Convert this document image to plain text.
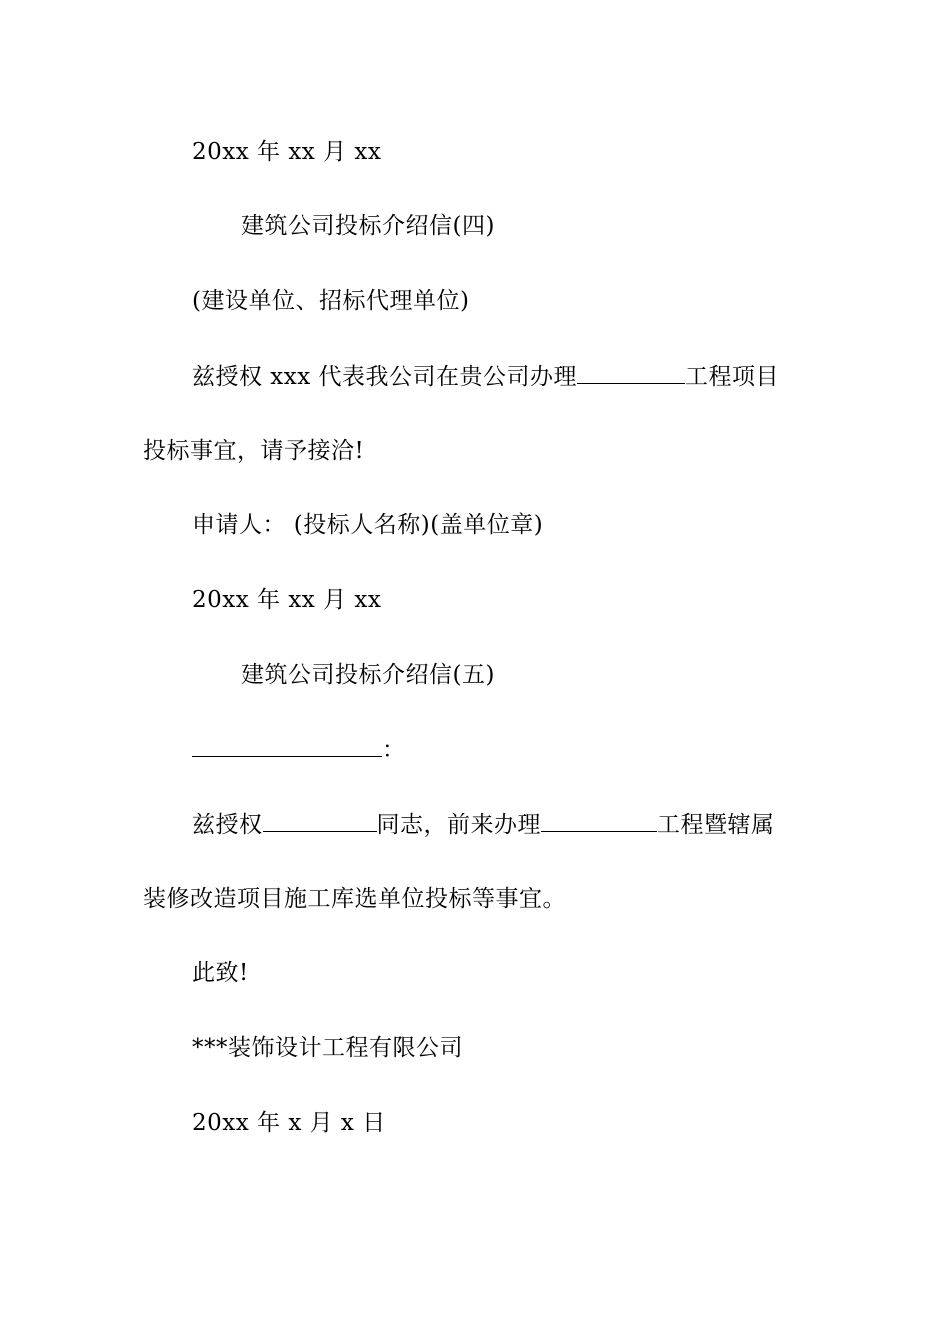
20xx 年 xx 月 xx
建筑公司投标介绍信(四)
(建设单位、招标代理单位)
兹授权 xxx 代表我公司在贵公司办理	工程项目
投标事宜，请予接洽!
申请人： (投标人名称)(盖单位章)
20xx 年 xx 月 xx
建筑公司投标介绍信(五)
：
兹授权	同志，前来办理	工程暨辖属
装修改造项目施工库选单位投标等事宜。
此致!
***装饰设计工程有限公司
20xx 年 x 月 x 日
